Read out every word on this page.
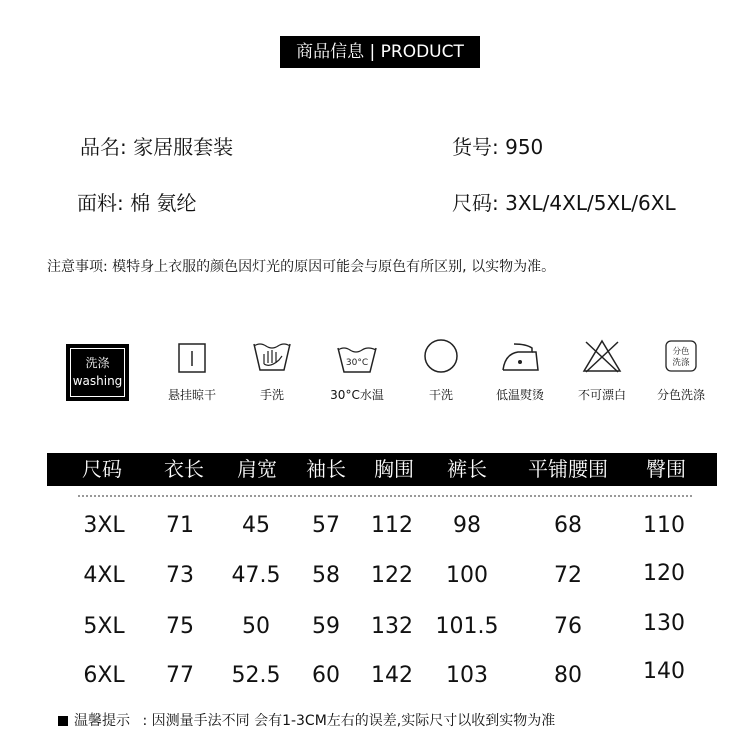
商品信息 | PRODUCT
品名: 家居服套装	货号: 950
面料: 棉 氨纶	尺码: 3XL/4XL/5XL/6XL
注意事项: 模特身上衣服的颜色因灯光的原因可能会与原色有所区别, 以实物为准。
洗涤
washing
悬挂晾干	手洗
30°C
30°C水温	干洗	低温熨烫	不可漂白
分色
洗涤
分色洗涤
尺码 衣长 肩宽 袖长 胸围 裤长	平铺腰围	臀围
3XL	71	45	57	112	98	68	110
4XL	73	47.5	58	122	100	72	120
5XL	75	50	59	132	101.5	76	130
6XL	77	52.5	60	142	103	80	140
温馨提示 : 因测量手法不同 会有1-3CM左右的误差,实际尺寸以收到实物为准
